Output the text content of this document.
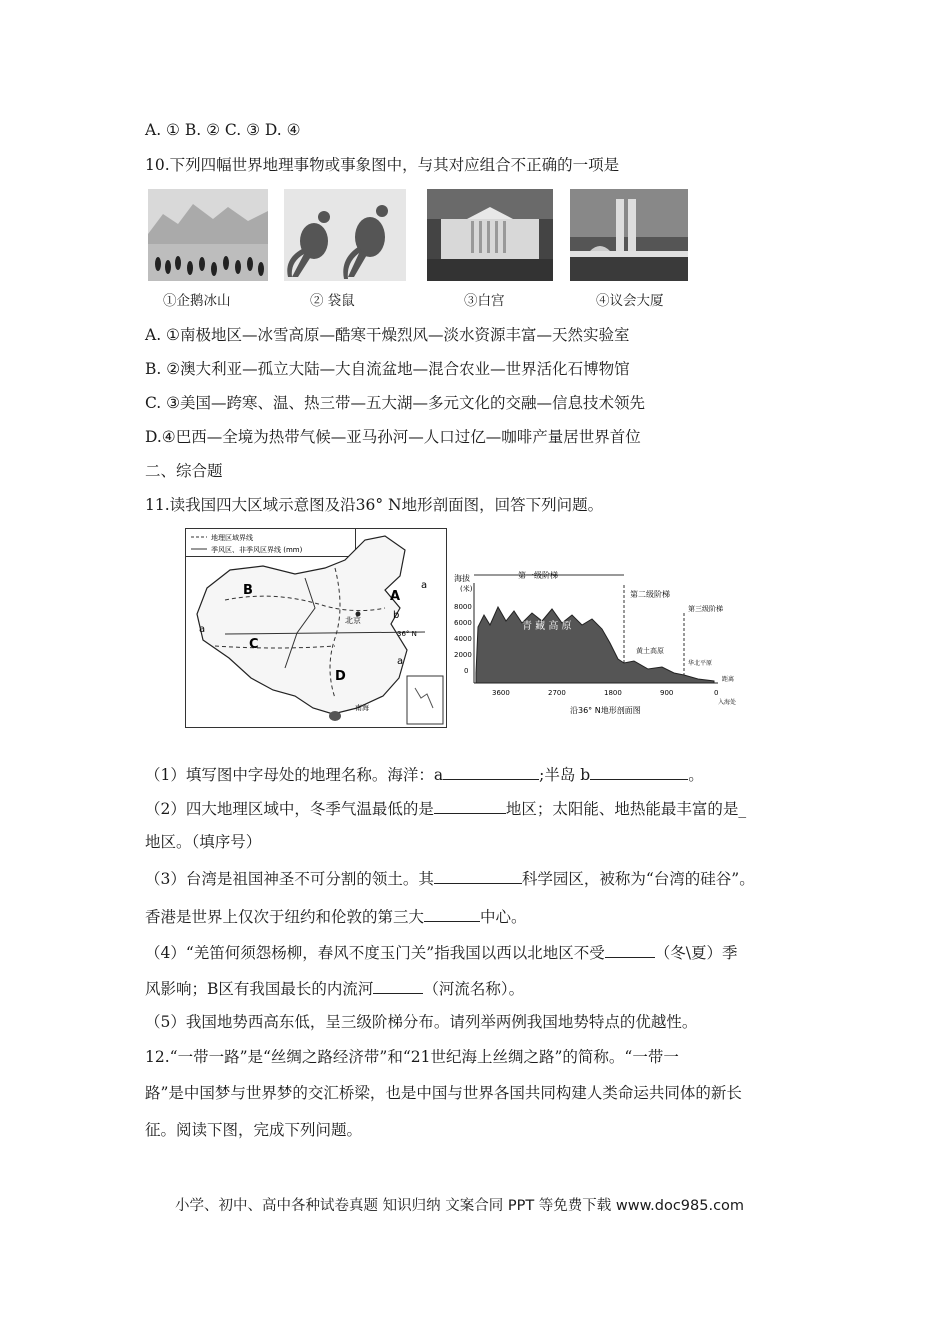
A. ① B. ② C. ③ D. ④
10.下列四幅世界地理事物或事象图中，与其对应组合不正确的一项是
①企鹅冰山	② 袋鼠	③白宫	④议会大厦
A. ①南极地区—冰雪高原—酷寒干燥烈风—淡水资源丰富—天然实验室
B. ②澳大利亚—孤立大陆—大自流盆地—混合农业—世界活化石博物馆
C. ③美国—跨寒、温、热三带—五大湖—多元文化的交融—信息技术领先
D.④巴西—全境为热带气候—亚马孙河—人口过亿—咖啡产量居世界首位
二、综合题
11.读我国四大区域示意图及沿36° N地形剖面图，回答下列问题。
地理区域界线
季风区、非季风区界线 (mm)
北京
36° N
A
B
C
D
a
a
a
b
南海
海拔
(米)
8000
6000
4000
2000
0
第一级阶梯
第二级阶梯
第三级阶梯
青 藏 高 原
黄土高原
华北平原
3600	2700	1800	900	0
距离
入海处
沿36° N地形剖面图
（1）填写图中字母处的地理名称。海洋：a	;半岛 b	。
（2）四大地理区域中，冬季气温最低的是	地区；太阳能、地热能最丰富的是_
地区。（填序号）
（3）台湾是祖国神圣不可分割的领土。其	科学园区，被称为“台湾的硅谷”。
香港是世界上仅次于纽约和伦敦的第三大	中心。
（4）“羌笛何须怨杨柳，春风不度玉门关”指我国以西以北地区不受	（冬\夏）季
风影响；B区有我国最长的内流河	（河流名称）。
（5）我国地势西高东低，呈三级阶梯分布。请列举两例我国地势特点的优越性。
12.“一带一路”是“丝绸之路经济带”和“21世纪海上丝绸之路”的简称。“一带一
路”是中国梦与世界梦的交汇桥梁，也是中国与世界各国共同构建人类命运共同体的新长
征。阅读下图，完成下列问题。
小学、初中、高中各种试卷真题 知识归纳 文案合同 PPT 等免费下载 www.doc985.com
